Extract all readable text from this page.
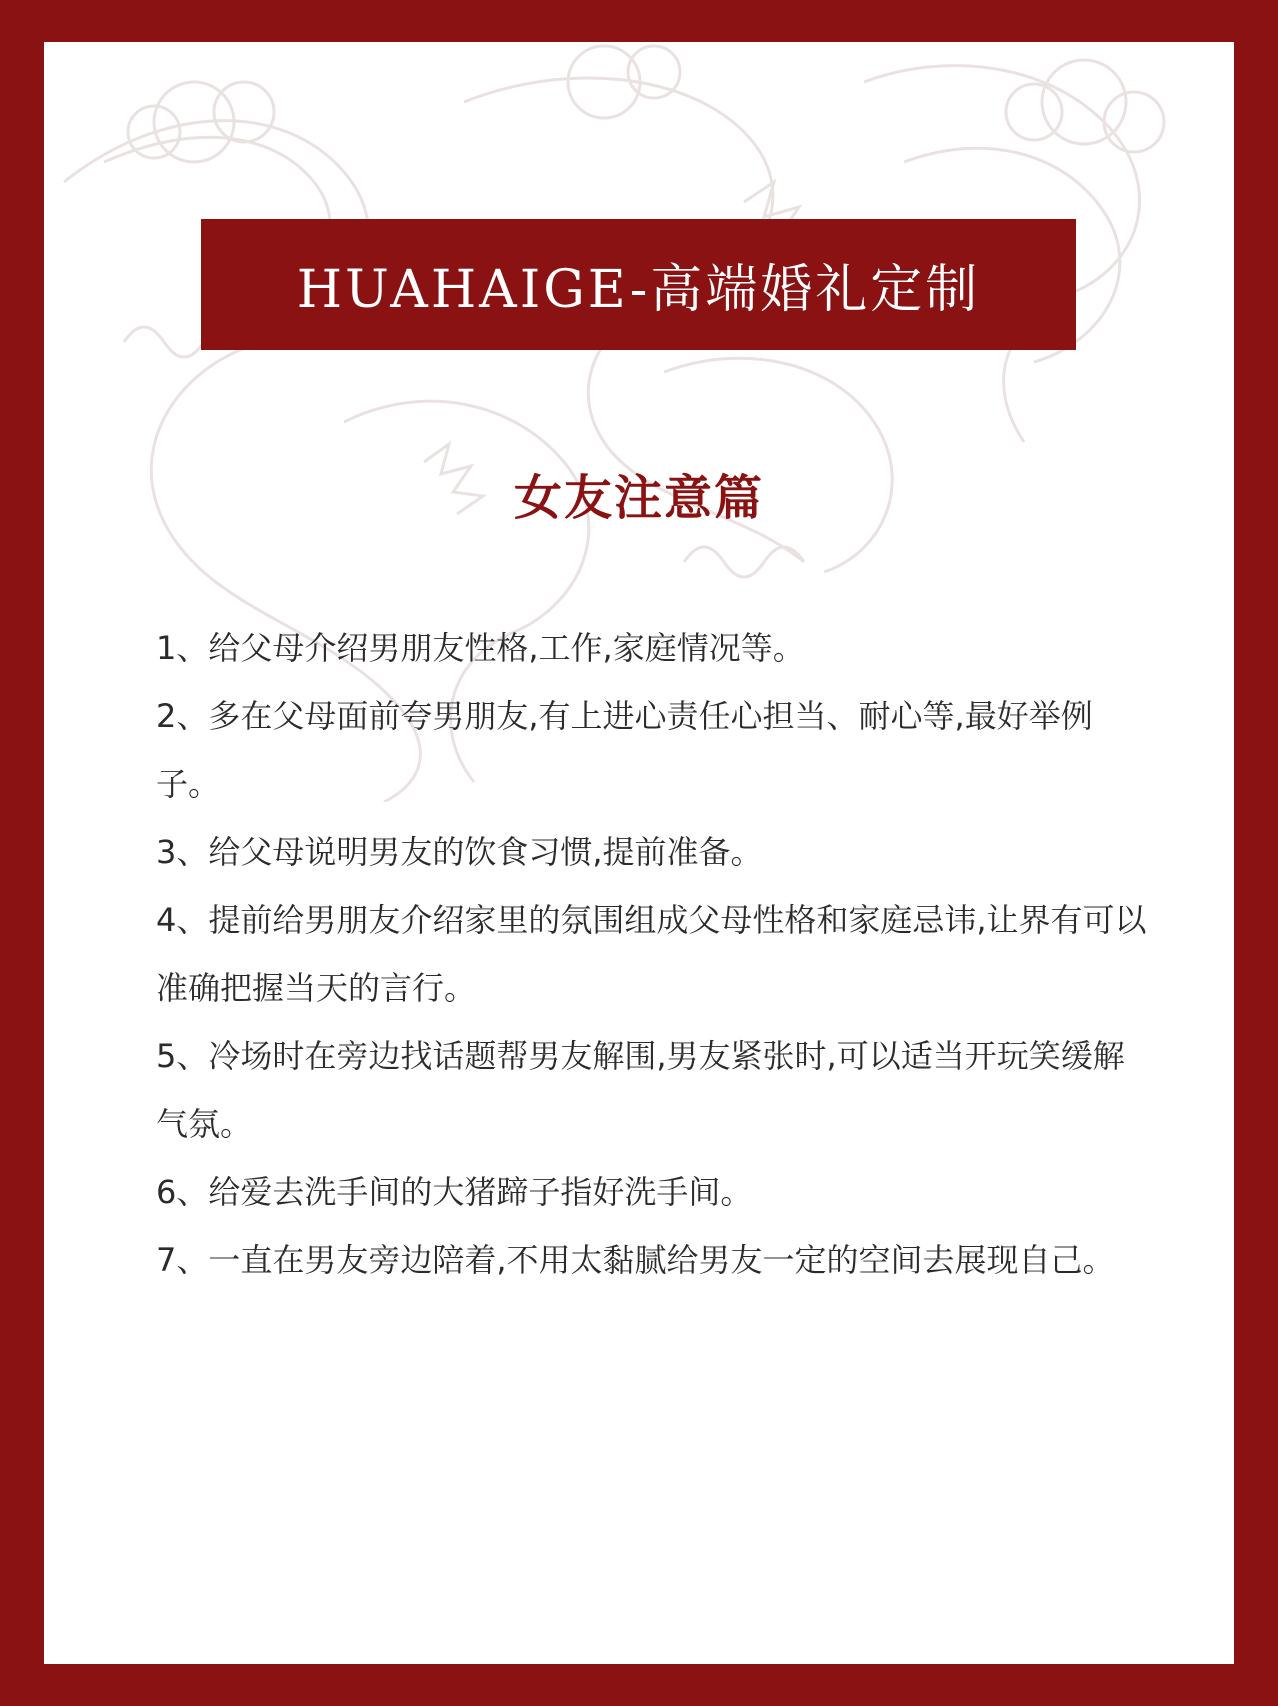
HUAHAIGE-高端婚礼定制
女友注意篇
1、给父母介绍男朋友性格,工作,家庭情况等。
2、多在父母面前夸男朋友,有上进心责任心担当、耐心等,最好举例子。
3、给父母说明男友的饮食习惯,提前准备。
4、提前给男朋友介绍家里的氛围组成父母性格和家庭忌讳,让界有可以准确把握当天的言行。
5、冷场时在旁边找话题帮男友解围,男友紧张时,可以适当开玩笑缓解气氛。
6、给爱去洗手间的大猪蹄子指好洗手间。
7、一直在男友旁边陪着,不用太黏腻给男友一定的空间去展现自己。
